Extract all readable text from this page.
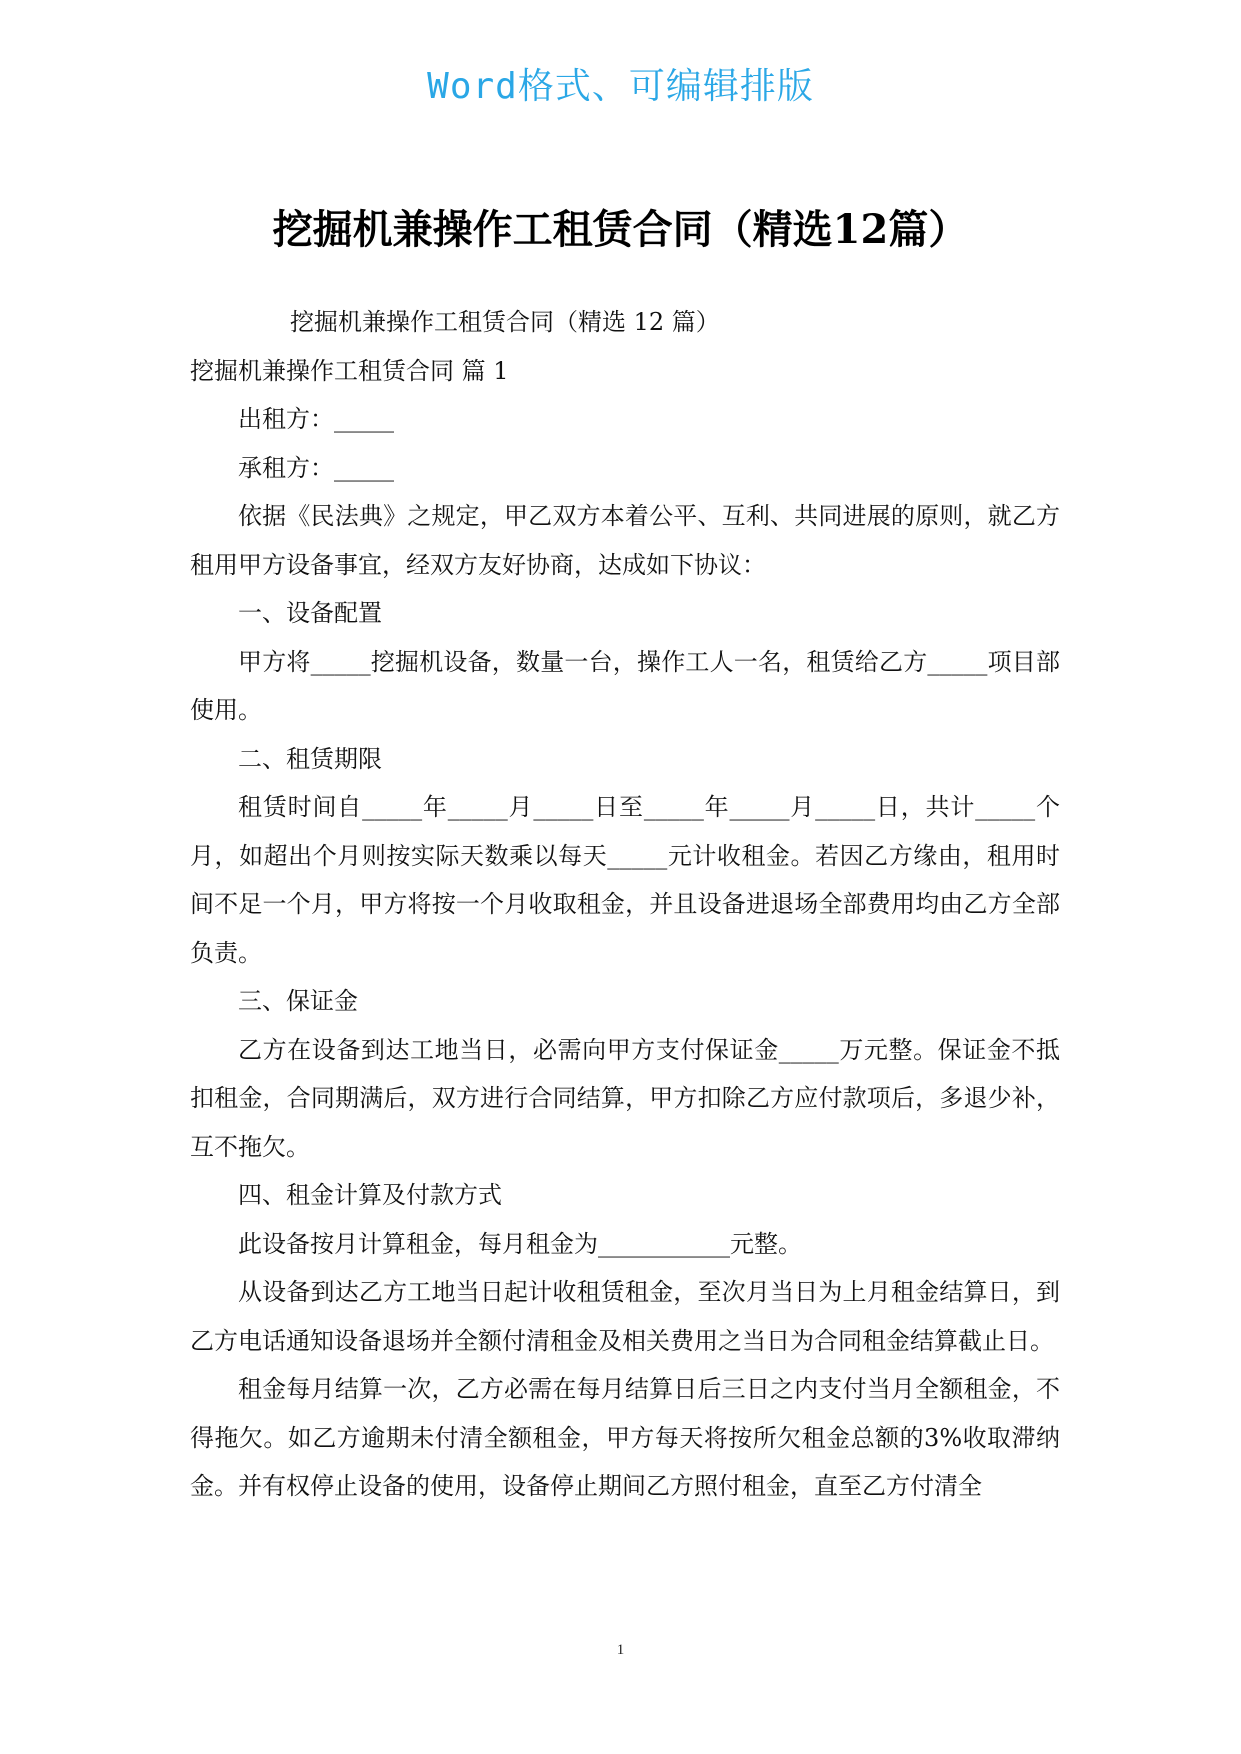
Word格式、可编辑排版
挖掘机兼操作工租赁合同（精选12篇）

挖掘机兼操作工租赁合同（精选 12 篇）

挖掘机兼操作工租赁合同 篇 1

出租方：_____

承租方：_____

依据《民法典》之规定，甲乙双方本着公平、互利、共同进展的原则，就乙方租用甲方设备事宜，经双方友好协商，达成如下协议：

一、设备配置

甲方将_____挖掘机设备，数量一台，操作工人一名，租赁给乙方_____项目部使用。

二、租赁期限

租赁时间自_____年_____月_____日至_____年_____月_____日，共计_____个月，如超出个月则按实际天数乘以每天_____元计收租金。若因乙方缘由，租用时间不足一个月，甲方将按一个月收取租金，并且设备进退场全部费用均由乙方全部负责。

三、保证金

乙方在设备到达工地当日，必需向甲方支付保证金_____万元整。保证金不抵扣租金，合同期满后，双方进行合同结算，甲方扣除乙方应付款项后，多退少补，互不拖欠。

四、租金计算及付款方式

此设备按月计算租金，每月租金为___________元整。

从设备到达乙方工地当日起计收租赁租金，至次月当日为上月租金结算日，到乙方电话通知设备退场并全额付清租金及相关费用之当日为合同租金结算截止日。

租金每月结算一次，乙方必需在每月结算日后三日之内支付当月全额租金，不得拖欠。如乙方逾期未付清全额租金，甲方每天将按所欠租金总额的3%收取滞纳金。并有权停止设备的使用，设备停止期间乙方照付租金，直至乙方付清全

1
